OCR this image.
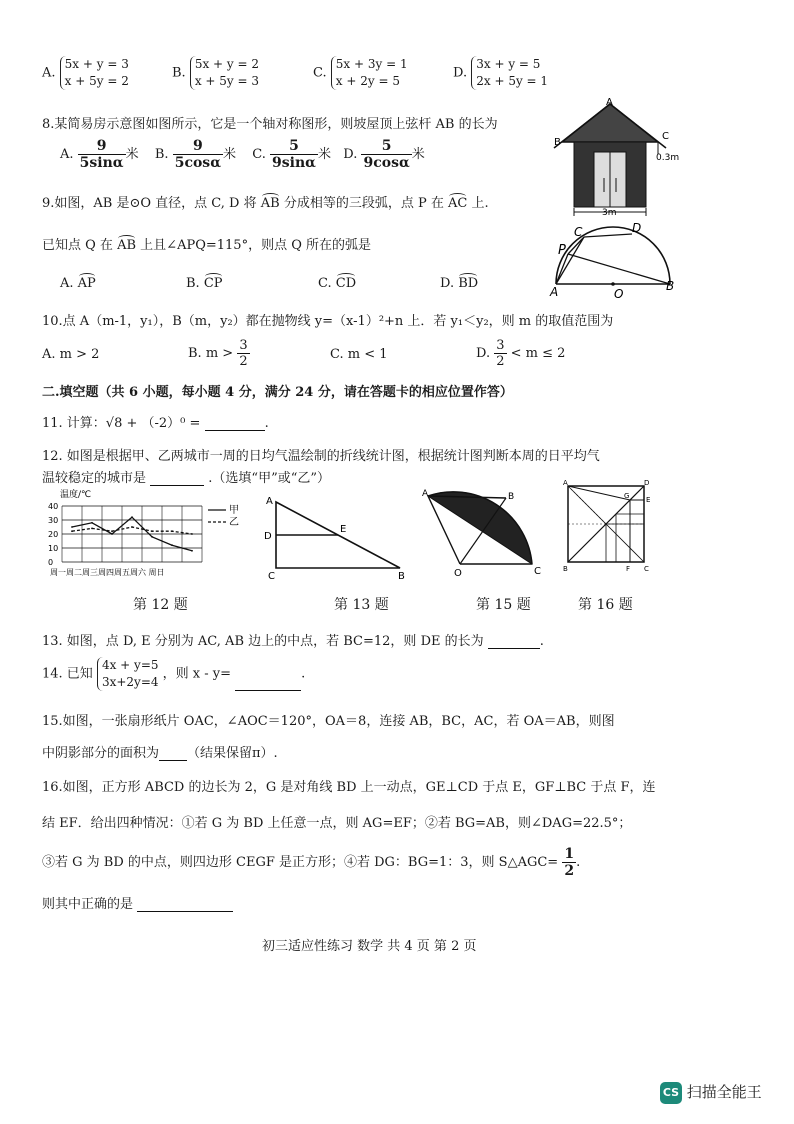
A. 5x + y = 3
x + 5y = 2
B. 5x + y = 2
x + 5y = 3
C. 5x + 3y = 1
x + 2y = 5
D. 3x + y = 5
2x + 5y = 1
8.某简易房示意图如图所示，它是一个轴对称图形，则坡屋顶上弦杆 AB 的长为
A. $\frac{9}{5\sin\alpha}$ 米 B. $\frac{9}{5\cos\alpha}$ 米 C. $\frac{5}{9\sin\alpha}$ 米 D. $\frac{5}{9\cos\alpha}$ 米
A
B
C
0.3m
3m
9.如图，AB 是⊙O 直径，点 C, D 将 AB 分成相等的三段弧，点 P 在 AC 上.
已知点 Q 在 AB 上且∠APQ=115°，则点 Q 所在的弧是
A. AP	B. CP	C. CD	D. BD
P
C	D
A	O
B
10.点 A（m-1，y₁），B（m，y₂）都在抛物线 y=（x-1）²+n 上．若 y₁＜y₂，则 m 的取值范围为
A. m > 2	B. $m > \frac{3}{2}$	C. m < 1	D. $\frac{3}{2} < m \le 2$
二.填空题（共 6 小题，每小题 4 分，满分 24 分，请在答题卡的相应位置作答）
11. 计算：√8 + （-2）⁰ =	.
12. 如图是根据甲、乙两城市一周的日均气温绘制的折线统计图，根据统计图判断本周的日平均气
温较稳定的城市是	.（选填“甲”或“乙”）
温度/℃
40
30
20
10
0
周一周二周三周四周五周六 周日
甲
乙
A
D
E
C	B	O
A	B
C
A	D
G E
B	F C
第 12 题	第 13 题	第 15 题	第 16 题
13. 如图，点 D, E 分别为 AC, AB 边上的中点，若 BC=12，则 DE 的长为	.
14. 已知 4x + y=5
3x+2y=4 ，则 x - y=	.
15.如图，一张扇形纸片 OAC，∠AOC＝120°，OA＝8，连接 AB，BC，AC，若 OA＝AB，则图
中阴影部分的面积为 （结果保留π）.
16.如图，正方形 ABCD 的边长为 2，G 是对角线 BD 上一动点，GE⊥CD 于点 E，GF⊥BC 于点 F，连
结 EF．给出四种情况：①若 G 为 BD 上任意一点，则 AG=EF；②若 BG=AB，则∠DAG=22.5°；
③若 G 为 BD 的中点，则四边形 CEGF 是正方形；④若 DG：BG=1：3，则 S△AGC= $\frac{1}{2}$ .
则其中正确的是
初三适应性练习 数学 共 4 页 第 2 页
CS 扫描全能王
